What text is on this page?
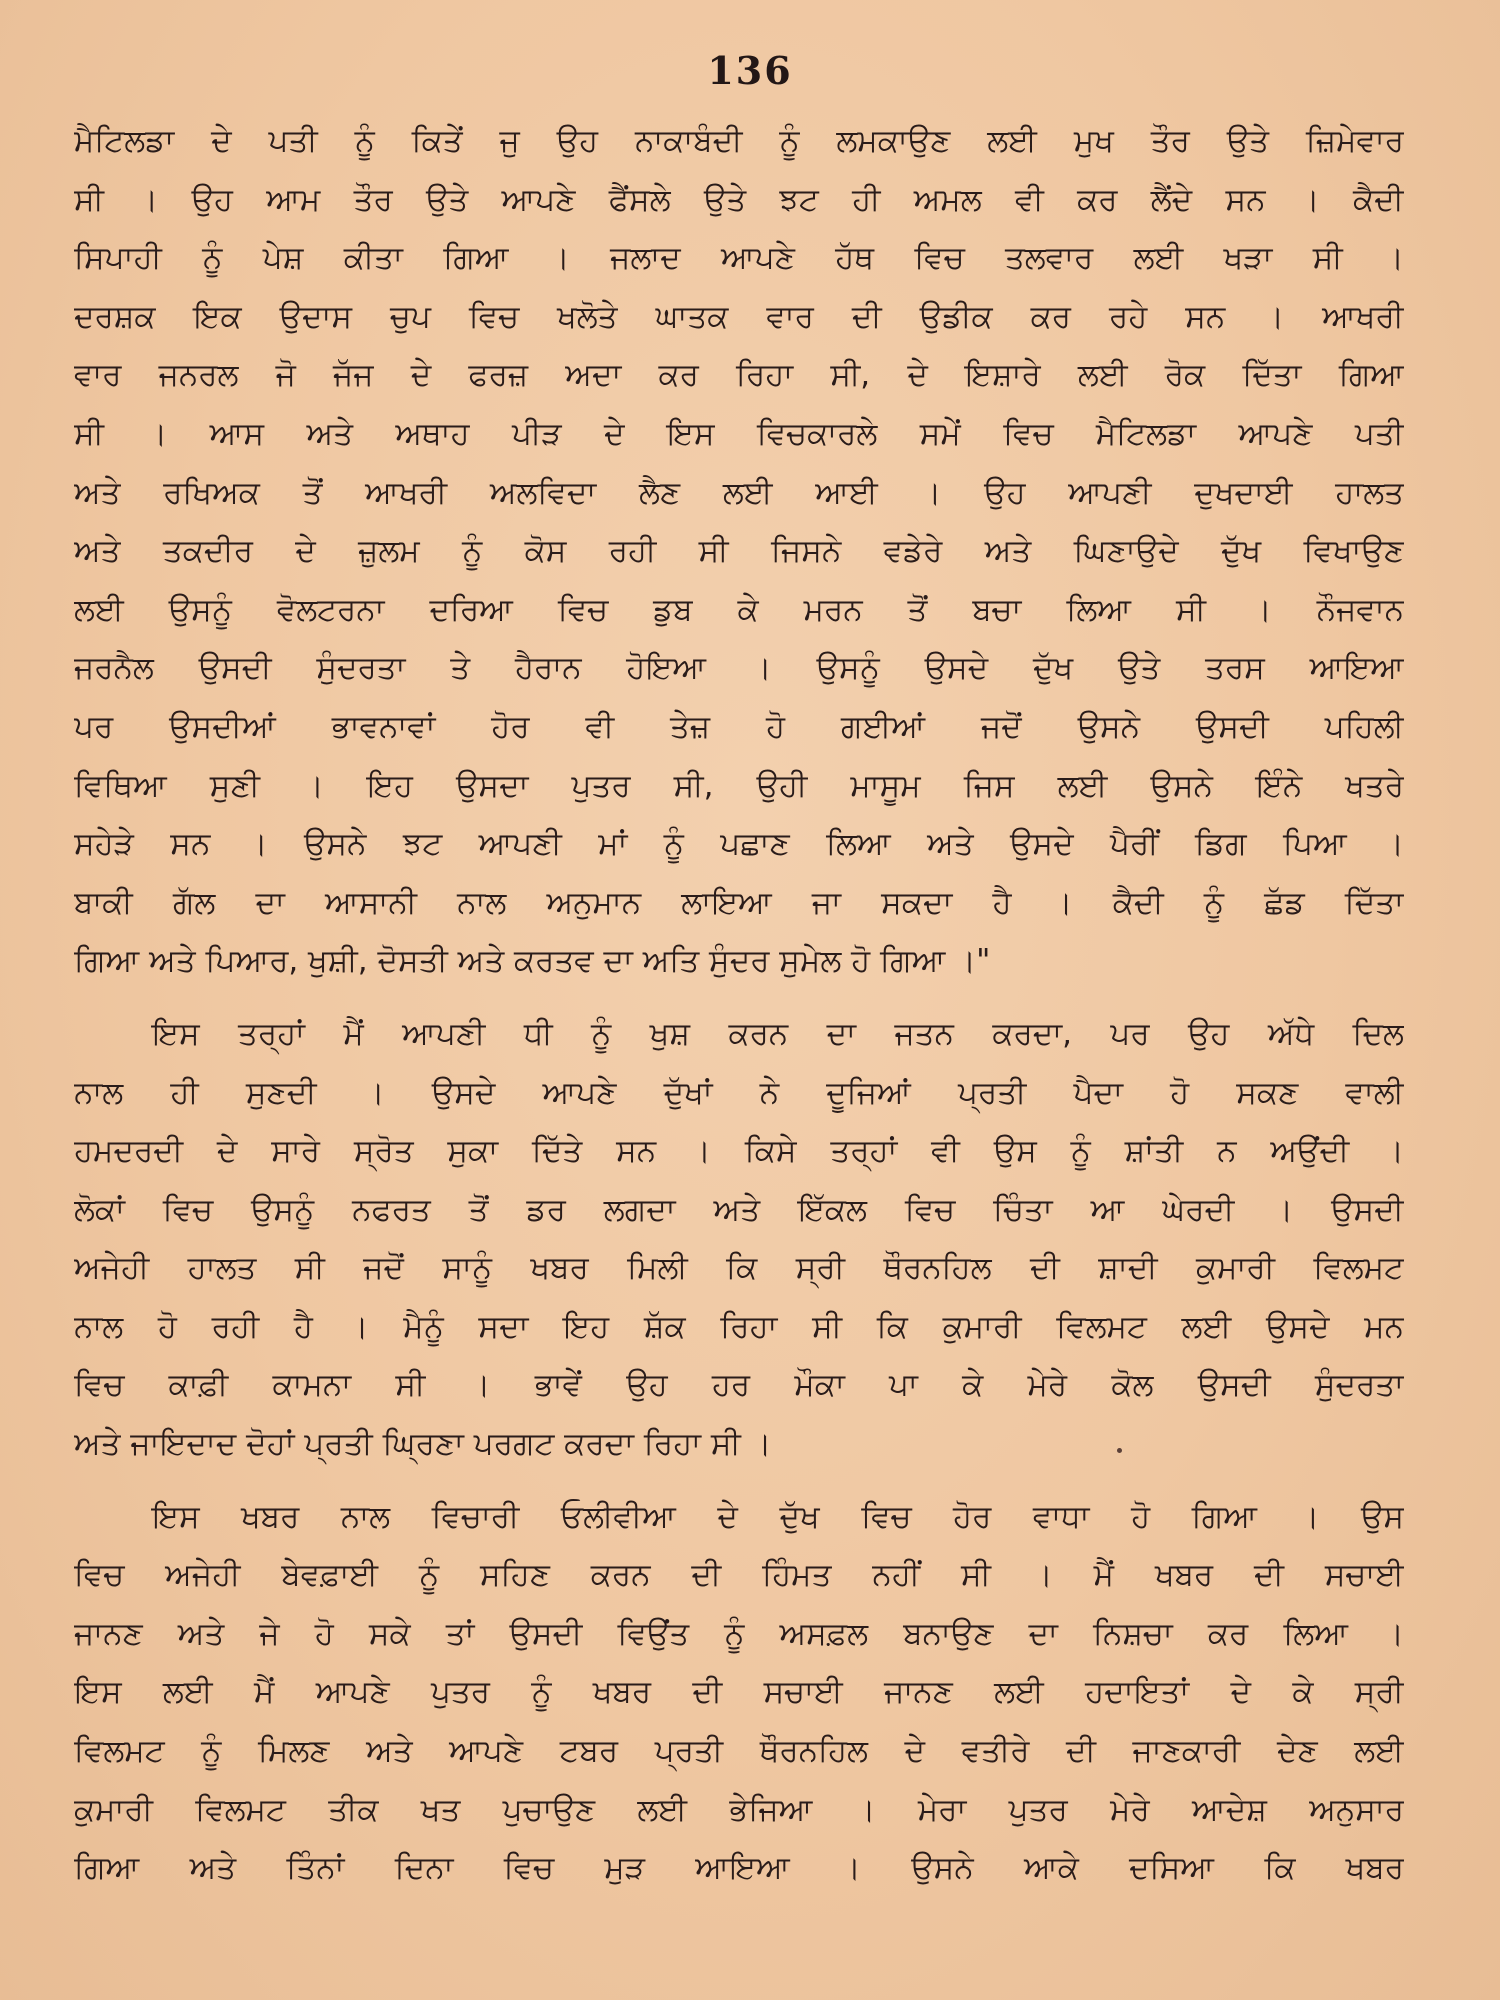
136
ਮੈਟਿਲਡਾ ਦੇ ਪਤੀ ਨੂੰ ਕਿਤੇਂ ਜੁ ਉਹ ਨਾਕਾਬੰਦੀ ਨੂੰ ਲਮਕਾਉਣ ਲਈ ਮੁਖ ਤੌਰ ਉਤੇ ਜ਼ਿਮੇਵਾਰ
ਸੀ । ਉਹ ਆਮ ਤੌਰ ਉਤੇ ਆਪਣੇ ਫੈਂਸਲੇ ਉਤੇ ਝਟ ਹੀ ਅਮਲ ਵੀ ਕਰ ਲੈਂਦੇ ਸਨ । ਕੈਦੀ
ਸਿਪਾਹੀ ਨੂੰ ਪੇਸ਼ ਕੀਤਾ ਗਿਆ । ਜਲਾਦ ਆਪਣੇ ਹੱਥ ਵਿਚ ਤਲਵਾਰ ਲਈ ਖੜਾ ਸੀ ।
ਦਰਸ਼ਕ ਇਕ ਉਦਾਸ ਚੁਪ ਵਿਚ ਖਲੋਤੇ ਘਾਤਕ ਵਾਰ ਦੀ ਉਡੀਕ ਕਰ ਰਹੇ ਸਨ । ਆਖਰੀ
ਵਾਰ ਜਨਰਲ ਜੋ ਜੱਜ ਦੇ ਫਰਜ਼ ਅਦਾ ਕਰ ਰਿਹਾ ਸੀ, ਦੇ ਇਸ਼ਾਰੇ ਲਈ ਰੋਕ ਦਿੱਤਾ ਗਿਆ
ਸੀ । ਆਸ ਅਤੇ ਅਥਾਹ ਪੀੜ ਦੇ ਇਸ ਵਿਚਕਾਰਲੇ ਸਮੇਂ ਵਿਚ ਮੈਟਿਲਡਾ ਆਪਣੇ ਪਤੀ
ਅਤੇ ਰਖਿਅਕ ਤੋਂ ਆਖਰੀ ਅਲਵਿਦਾ ਲੈਣ ਲਈ ਆਈ । ਉਹ ਆਪਣੀ ਦੁਖਦਾਈ ਹਾਲਤ
ਅਤੇ ਤਕਦੀਰ ਦੇ ਜ਼ੁਲਮ ਨੂੰ ਕੋਸ ਰਹੀ ਸੀ ਜਿਸਨੇ ਵਡੇਰੇ ਅਤੇ ਘਿਣਾਉਦੇ ਦੁੱਖ ਵਿਖਾਉਣ
ਲਈ ਉਸਨੂੰ ਵੋਲਟਰਨਾ ਦਰਿਆ ਵਿਚ ਡੁਬ ਕੇ ਮਰਨ ਤੋਂ ਬਚਾ ਲਿਆ ਸੀ । ਨੌਜਵਾਨ
ਜਰਨੈਲ ਉਸਦੀ ਸੁੰਦਰਤਾ ਤੇ ਹੈਰਾਨ ਹੋਇਆ । ਉਸਨੂੰ ਉਸਦੇ ਦੁੱਖ ਉਤੇ ਤਰਸ ਆਇਆ
ਪਰ ਉਸਦੀਆਂ ਭਾਵਨਾਵਾਂ ਹੋਰ ਵੀ ਤੇਜ਼ ਹੋ ਗਈਆਂ ਜਦੋਂ ਉਸਨੇ ਉਸਦੀ ਪਹਿਲੀ
ਵਿਥਿਆ ਸੁਣੀ । ਇਹ ਉਸਦਾ ਪੁਤਰ ਸੀ, ਉਹੀ ਮਾਸੂਮ ਜਿਸ ਲਈ ਉਸਨੇ ਇੰਨੇ ਖਤਰੇ
ਸਹੇੜੇ ਸਨ । ਉਸਨੇ ਝਟ ਆਪਣੀ ਮਾਂ ਨੂੰ ਪਛਾਣ ਲਿਆ ਅਤੇ ਉਸਦੇ ਪੈਰੀਂ ਡਿਗ ਪਿਆ ।
ਬਾਕੀ ਗੱਲ ਦਾ ਆਸਾਨੀ ਨਾਲ ਅਨੁਮਾਨ ਲਾਇਆ ਜਾ ਸਕਦਾ ਹੈ । ਕੈਦੀ ਨੂੰ ਛੱਡ ਦਿੱਤਾ
ਗਿਆ ਅਤੇ ਪਿਆਰ, ਖੁਸ਼ੀ, ਦੋਸਤੀ ਅਤੇ ਕਰਤਵ ਦਾ ਅਤਿ ਸੁੰਦਰ ਸੁਮੇਲ ਹੋ ਗਿਆ ।"
ਇਸ ਤਰ੍ਹਾਂ ਮੈਂ ਆਪਣੀ ਧੀ ਨੂੰ ਖੁਸ਼ ਕਰਨ ਦਾ ਜਤਨ ਕਰਦਾ, ਪਰ ਉਹ ਅੱਧੇ ਦਿਲ
ਨਾਲ ਹੀ ਸੁਣਦੀ । ਉਸਦੇ ਆਪਣੇ ਦੁੱਖਾਂ ਨੇ ਦੂਜਿਆਂ ਪ੍ਰਤੀ ਪੈਦਾ ਹੋ ਸਕਣ ਵਾਲੀ
ਹਮਦਰਦੀ ਦੇ ਸਾਰੇ ਸ੍ਰੋਤ ਸੁਕਾ ਦਿੱਤੇ ਸਨ । ਕਿਸੇ ਤਰ੍ਹਾਂ ਵੀ ਉਸ ਨੂੰ ਸ਼ਾਂਤੀ ਨ ਅਉਂਦੀ ।
ਲੋਕਾਂ ਵਿਚ ਉਸਨੂੰ ਨਫਰਤ ਤੋਂ ਡਰ ਲਗਦਾ ਅਤੇ ਇੱਕਲ ਵਿਚ ਚਿੰਤਾ ਆ ਘੇਰਦੀ । ਉਸਦੀ
ਅਜੇਹੀ ਹਾਲਤ ਸੀ ਜਦੋਂ ਸਾਨੂੰ ਖਬਰ ਮਿਲੀ ਕਿ ਸ੍ਰੀ ਥੌਰਨਹਿਲ ਦੀ ਸ਼ਾਦੀ ਕੁਮਾਰੀ ਵਿਲਮਟ
ਨਾਲ ਹੋ ਰਹੀ ਹੈ । ਮੈਨੂੰ ਸਦਾ ਇਹ ਸ਼ੱਕ ਰਿਹਾ ਸੀ ਕਿ ਕੁਮਾਰੀ ਵਿਲਮਟ ਲਈ ਉਸਦੇ ਮਨ
ਵਿਚ ਕਾਫ਼ੀ ਕਾਮਨਾ ਸੀ । ਭਾਵੇਂ ਉਹ ਹਰ ਮੌਕਾ ਪਾ ਕੇ ਮੇਰੇ ਕੋਲ ਉਸਦੀ ਸੁੰਦਰਤਾ
ਅਤੇ ਜਾਇਦਾਦ ਦੋਹਾਂ ਪ੍ਰਤੀ ਘ੍ਰਿਣਾ ਪਰਗਟ ਕਰਦਾ ਰਿਹਾ ਸੀ ।
ਇਸ ਖਬਰ ਨਾਲ ਵਿਚਾਰੀ ਓਲੀਵੀਆ ਦੇ ਦੁੱਖ ਵਿਚ ਹੋਰ ਵਾਧਾ ਹੋ ਗਿਆ । ਉਸ
ਵਿਚ ਅਜੇਹੀ ਬੇਵਫ਼ਾਈ ਨੂੰ ਸਹਿਣ ਕਰਨ ਦੀ ਹਿੰਮਤ ਨਹੀਂ ਸੀ । ਮੈਂ ਖਬਰ ਦੀ ਸਚਾਈ
ਜਾਨਣ ਅਤੇ ਜੇ ਹੋ ਸਕੇ ਤਾਂ ਉਸਦੀ ਵਿਉਂਤ ਨੂੰ ਅਸਫ਼ਲ ਬਨਾਉਣ ਦਾ ਨਿਸ਼ਚਾ ਕਰ ਲਿਆ ।
ਇਸ ਲਈ ਮੈਂ ਆਪਣੇ ਪੁਤਰ ਨੂੰ ਖਬਰ ਦੀ ਸਚਾਈ ਜਾਨਣ ਲਈ ਹਦਾਇਤਾਂ ਦੇ ਕੇ ਸ੍ਰੀ
ਵਿਲਮਟ ਨੂੰ ਮਿਲਣ ਅਤੇ ਆਪਣੇ ਟਬਰ ਪ੍ਰਤੀ ਥੌਰਨਹਿਲ ਦੇ ਵਤੀਰੇ ਦੀ ਜਾਣਕਾਰੀ ਦੇਣ ਲਈ
ਕੁਮਾਰੀ ਵਿਲਮਟ ਤੀਕ ਖਤ ਪੁਚਾਉਣ ਲਈ ਭੇਜਿਆ । ਮੇਰਾ ਪੁਤਰ ਮੇਰੇ ਆਦੇਸ਼ ਅਨੁਸਾਰ
ਗਿਆ ਅਤੇ ਤਿੰਨਾਂ ਦਿਨਾ ਵਿਚ ਮੁੜ ਆਇਆ । ਉਸਨੇ ਆਕੇ ਦਸਿਆ ਕਿ ਖਬਰ
